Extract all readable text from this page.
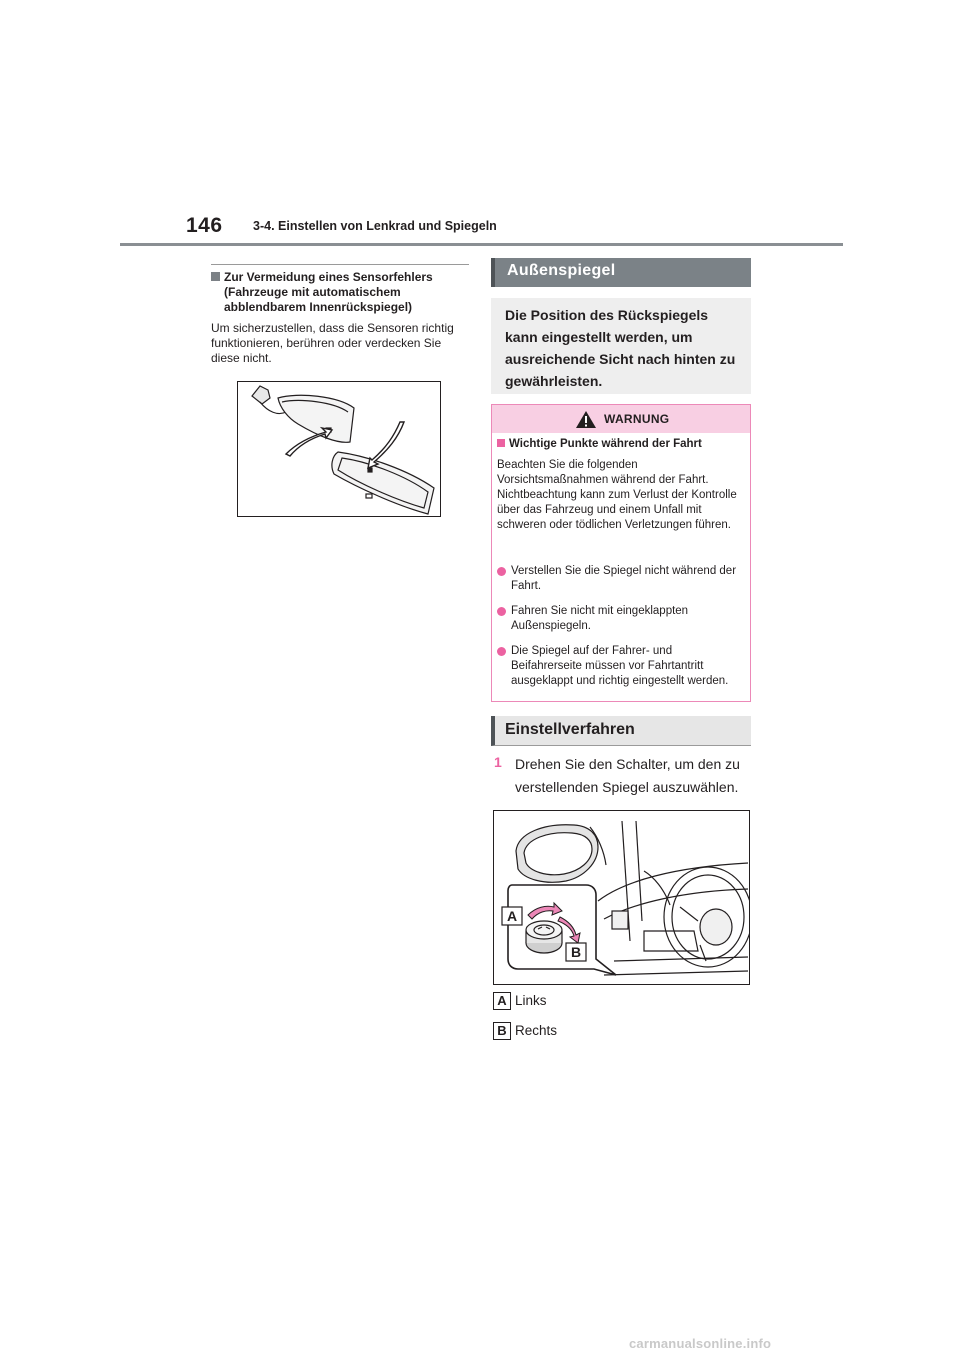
146 3-4. Einstellen von Lenkrad und Spiegeln
Zur Vermeidung eines Sensorfehlers (Fahrzeuge mit automatischem abblendbarem Innenrückspiegel)
Um sicherzustellen, dass die Sensoren richtig funktionieren, berühren oder verdecken Sie diese nicht.
Außenspiegel
Die Position des Rückspiegels kann eingestellt werden, um ausreichende Sicht nach hinten zu gewährleisten.
WARNUNG
Wichtige Punkte während der Fahrt
Beachten Sie die folgenden Vorsichtsmaßnahmen während der Fahrt. Nichtbeachtung kann zum Verlust der Kontrolle über das Fahrzeug und einem Unfall mit schweren oder tödlichen Verletzungen führen.
Verstellen Sie die Spiegel nicht während der Fahrt.
Fahren Sie nicht mit eingeklappten Außenspiegeln.
Die Spiegel auf der Fahrer- und Beifahrerseite müssen vor Fahrtantritt ausgeklappt und richtig eingestellt werden.
Einstellverfahren
1 Drehen Sie den Schalter, um den zu verstellenden Spiegel auszuwählen.
A
B
A Links
B Rechts
carmanualsonline.info
